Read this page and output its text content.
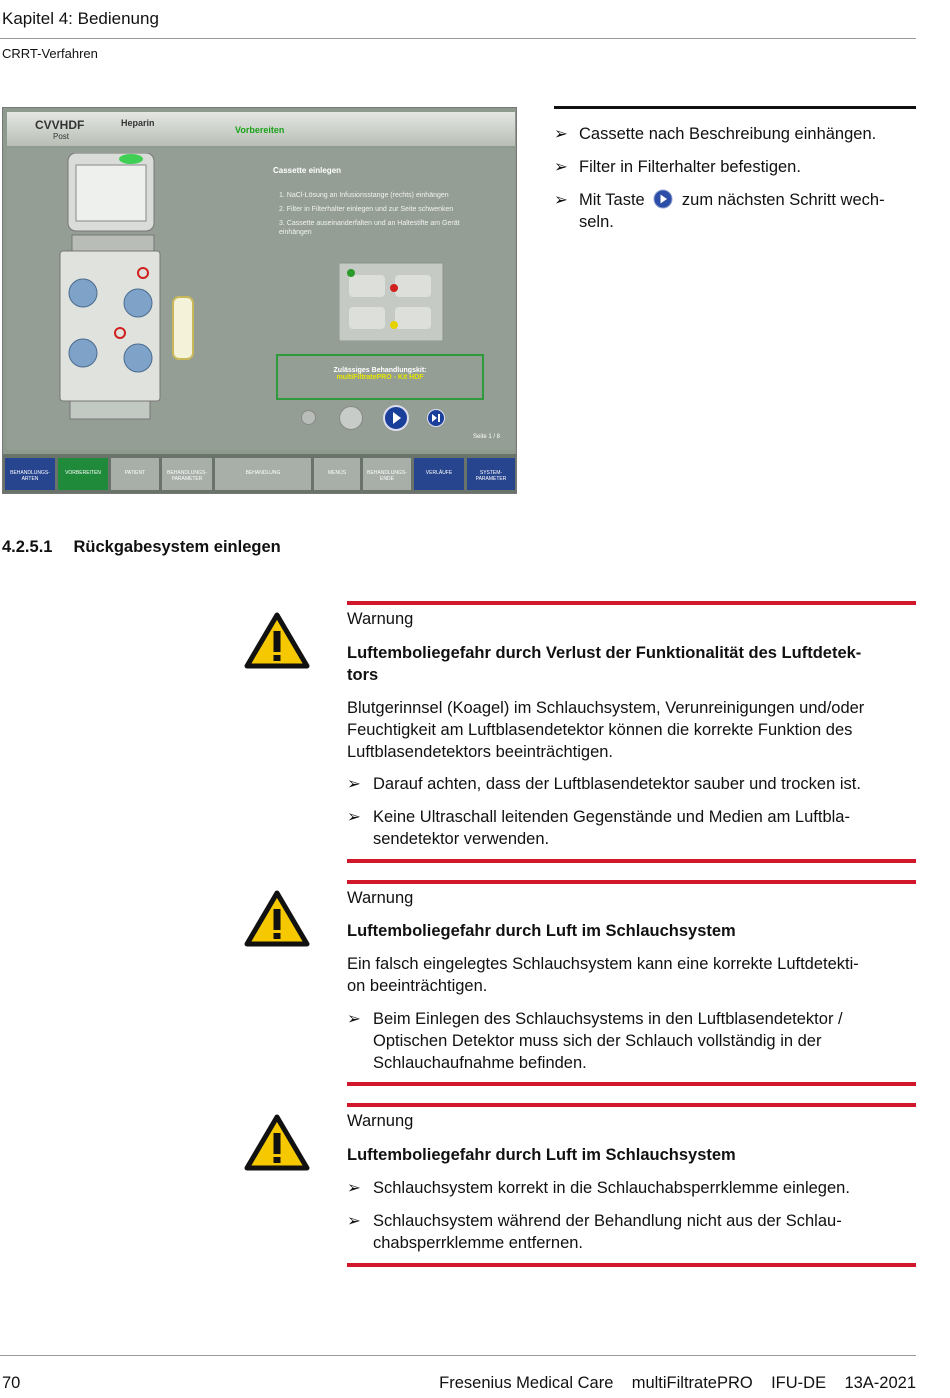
Kapitel 4: Bedienung
CRRT-Verfahren
CVVHDF
Post
Heparin
Vorbereiten
Cassette einlegen
1. NaCl-Lösung an Infusionsstange (rechts) einhängen
2. Filter in Filterhalter einlegen und zur Seite schwenken
3. Cassette auseinanderfalten und an Haltestifte am Gerät einhängen
Zulässiges Behandlungskit:
multiFiltratePRO - Kit HDF
Seite 1 / 8
BEHANDLUNGS-ARTEN
VORBEREITEN	PATIENT	BEHANDLUNGS-PARAMETER
BEHANDLUNG	MENÜS	BEHANDLUNGS-ENDE
VERLÄUFE	SYSTEM-PARAMETER
➢ Cassette nach Beschreibung einhängen.
➢ Filter in Filterhalter befestigen.
➢ Mit Taste zum nächsten Schritt wech-
seln.
4.2.5.1 Rückgabesystem einlegen
Warnung
Luftemboliegefahr durch Verlust der Funktionalität des Luftdetek-
tors
Blutgerinnsel (Koagel) im Schlauchsystem, Verunreinigungen und/oder
Feuchtigkeit am Luftblasendetektor können die korrekte Funktion des
Luftblasendetektors beeinträchtigen.
➢ Darauf achten, dass der Luftblasendetektor sauber und trocken ist.
➢ Keine Ultraschall leitenden Gegenstände und Medien am Luftbla-
sendetektor verwenden.
Warnung
Luftemboliegefahr durch Luft im Schlauchsystem
Ein falsch eingelegtes Schlauchsystem kann eine korrekte Luftdetekti-
on beeinträchtigen.
➢ Beim Einlegen des Schlauchsystems in den Luftblasendetektor /
Optischen Detektor muss sich der Schlauch vollständig in der
Schlauchaufnahme befinden.
Warnung
Luftemboliegefahr durch Luft im Schlauchsystem
➢ Schlauchsystem korrekt in die Schlauchabsperrklemme einlegen.
➢ Schlauchsystem während der Behandlung nicht aus der Schlau-
chabsperrklemme entfernen.
70	Fresenius Medical Care multiFiltratePRO IFU-DE 13A-2021
